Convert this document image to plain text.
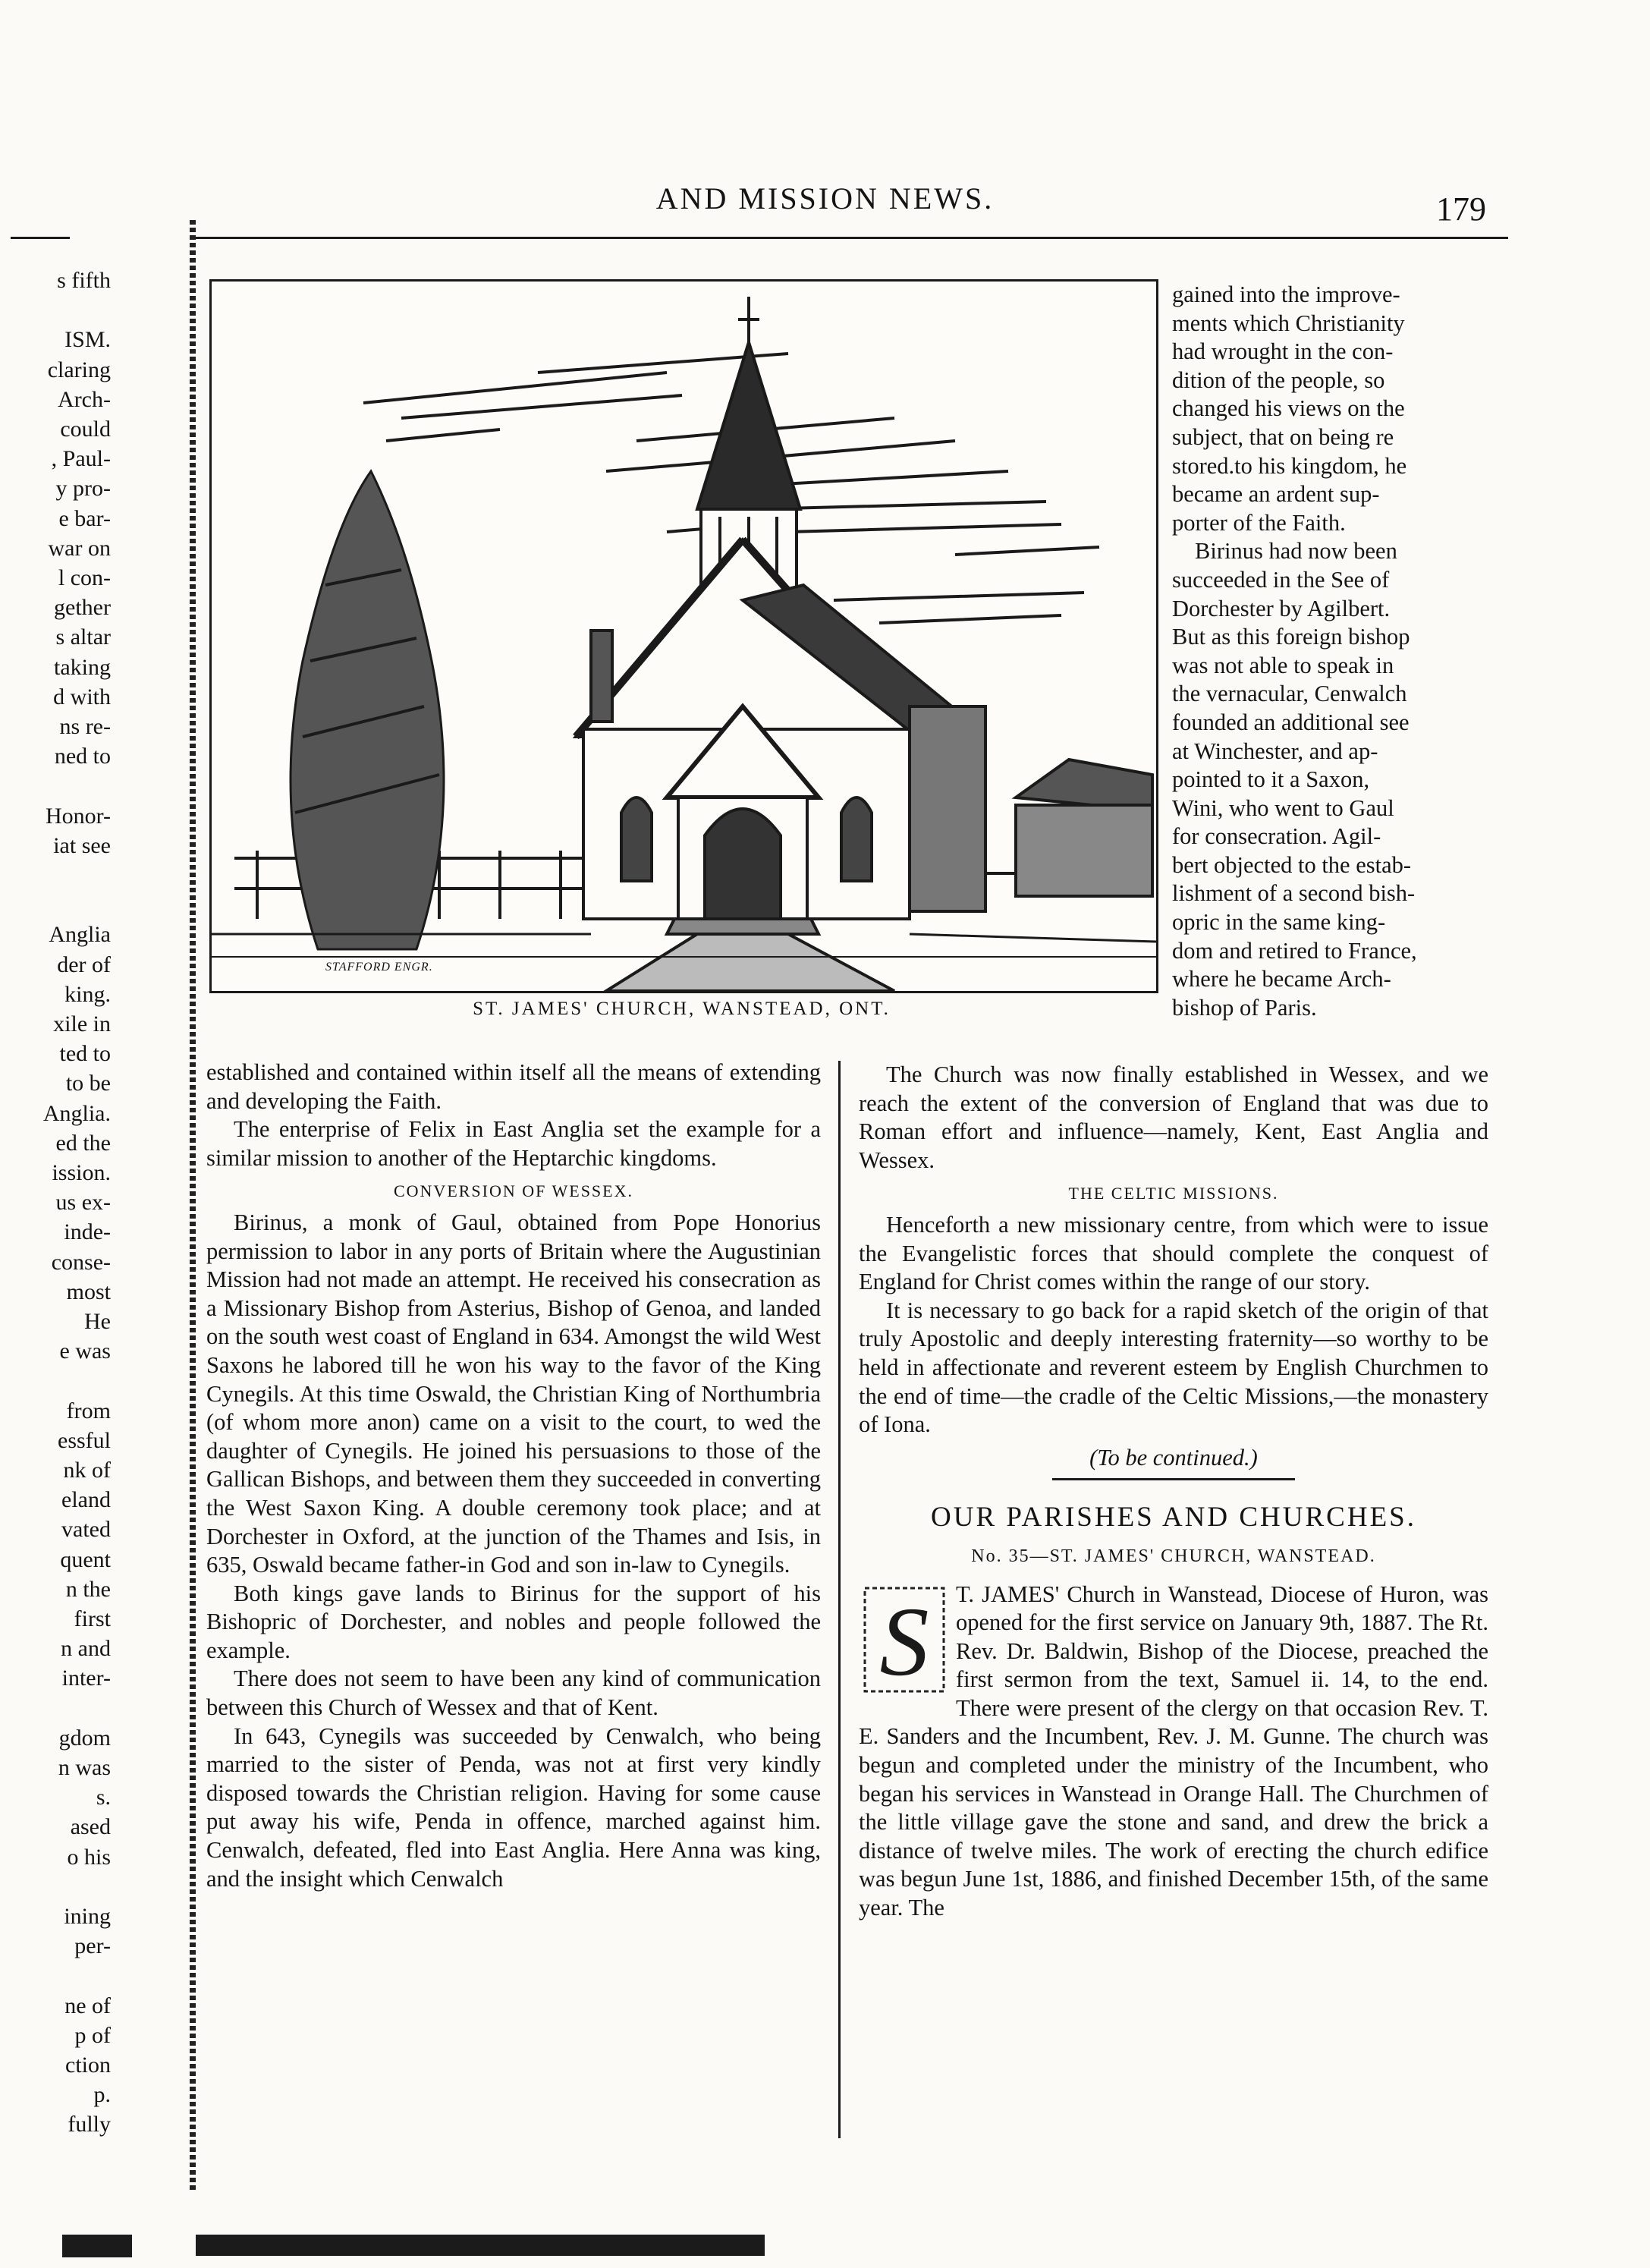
AND MISSION NEWS.	179
s fifth
ISM.
claring
Arch-
could
, Paul-
y pro-
e bar-
war on
l con-
gether
s altar
taking
d with
ns re-
ned to
Honor-
iat see
Anglia
der of
king.
xile in
ted to
to be
Anglia.
ed the
ission.
us ex-
inde-
conse-
most
He
e was
from
essful
nk of
eland
vated
quent
n the
first
n and
inter-
gdom
n was
s.
ased
o his
ining
per-
ne of
p of
ction
p.
fully
STAFFORD ENGR.
ST. JAMES' CHURCH, WANSTEAD, ONT.
gained into the improve-
ments which Christianity
had wrought in the con-
dition of the people, so
changed his views on the
subject, that on being re
stored.to his kingdom, he
became an ardent sup-
porter of the Faith.
Birinus had now been
succeeded in the See of
Dorchester by Agilbert.
But as this foreign bishop
was not able to speak in
the vernacular, Cenwalch
founded an additional see
at Winchester, and ap-
pointed to it a Saxon,
Wini, who went to Gaul
for consecration. Agil-
bert objected to the estab-
lishment of a second bish-
opric in the same king-
dom and retired to France,
where he became Arch-
bishop of Paris.

established and contained within itself all the means of extending and developing the Faith.

The enterprise of Felix in East Anglia set the example for a similar mission to another of the Heptarchic kingdoms.

CONVERSION OF WESSEX.

Birinus, a monk of Gaul, obtained from Pope Honorius permission to labor in any ports of Britain where the Augustinian Mission had not made an attempt. He received his consecration as a Missionary Bishop from Asterius, Bishop of Genoa, and landed on the south west coast of England in 634. Amongst the wild West Saxons he labored till he won his way to the favor of the King Cynegils. At this time Oswald, the Christian King of Northumbria (of whom more anon) came on a visit to the court, to wed the daughter of Cynegils. He joined his persuasions to those of the Gallican Bishops, and between them they succeeded in converting the West Saxon King. A double ceremony took place; and at Dorchester in Oxford, at the junction of the Thames and Isis, in 635, Oswald became father-in God and son in-law to Cynegils.

Both kings gave lands to Birinus for the support of his Bishopric of Dorchester, and nobles and people followed the example.

There does not seem to have been any kind of communication between this Church of Wessex and that of Kent.

In 643, Cynegils was succeeded by Cenwalch, who being married to the sister of Penda, was not at first very kindly disposed towards the Christian religion. Having for some cause put away his wife, Penda in offence, marched against him. Cenwalch, defeated, fled into East Anglia. Here Anna was king, and the insight which Cenwalch

The Church was now finally established in Wessex, and we reach the extent of the conversion of England that was due to Roman effort and influence—namely, Kent, East Anglia and Wessex.

THE CELTIC MISSIONS.

Henceforth a new missionary centre, from which were to issue the Evangelistic forces that should complete the conquest of England for Christ comes within the range of our story.

It is necessary to go back for a rapid sketch of the origin of that truly Apostolic and deeply interesting fraternity—so worthy to be held in affectionate and reverent esteem by English Churchmen to the end of time—the cradle of the Celtic Missions,—the monastery of Iona.

(To be continued.)

OUR PARISHES AND CHURCHES.

No. 35—ST. JAMES' CHURCH, WANSTEAD.

S T. JAMES' Church in Wanstead, Diocese of Huron, was opened for the first service on January 9th, 1887. The Rt. Rev. Dr. Baldwin, Bishop of the Diocese, preached the first sermon from the text, Samuel ii. 14, to the end. There were present of the clergy on that occasion Rev. T. E. Sanders and the Incumbent, Rev. J. M. Gunne. The church was begun and completed under the ministry of the Incumbent, who began his services in Wanstead in Orange Hall. The Churchmen of the little village gave the stone and sand, and drew the brick a distance of twelve miles. The work of erecting the church edifice was begun June 1st, 1886, and finished December 15th, of the same year. The
